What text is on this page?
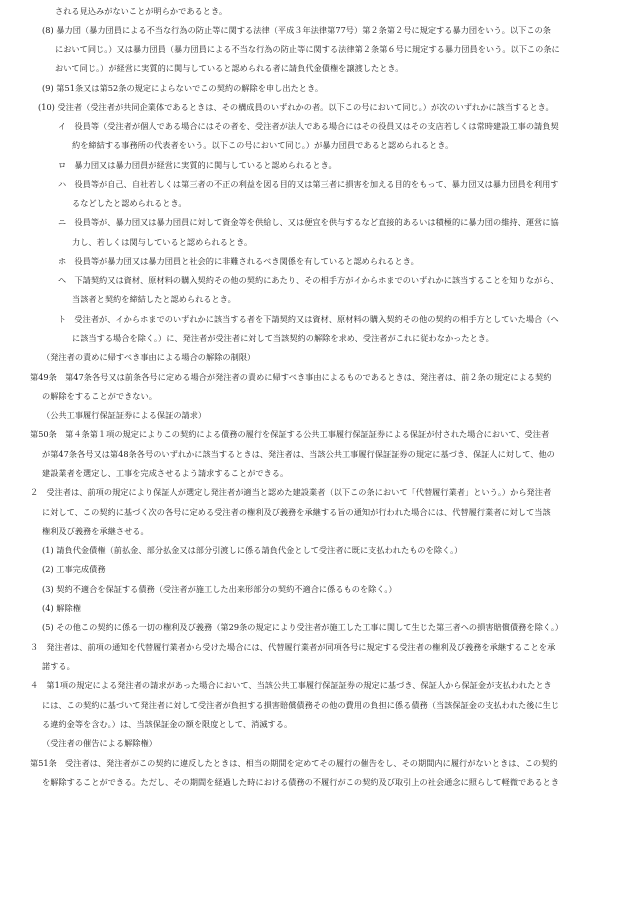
される見込みがないことが明らかであるとき。
(8) 暴力団（暴力団員による不当な行為の防止等に関する法律（平成３年法律第77号）第２条第２号に規定する暴力団をいう。以下この条
において同じ。）又は暴力団員（暴力団員による不当な行為の防止等に関する法律第２条第６号に規定する暴力団員をいう。以下この条に
おいて同じ。）が経営に実質的に関与していると認められる者に請負代金債権を譲渡したとき。
(9) 第51条又は第52条の規定によらないでこの契約の解除を申し出たとき。
(10) 受注者（受注者が共同企業体であるときは、その構成員のいずれかの者。以下この号において同じ。）が次のいずれかに該当するとき。
イ　役員等（受注者が個人である場合にはその者を、受注者が法人である場合にはその役員又はその支店若しくは常時建設工事の請負契
約を締結する事務所の代表者をいう。以下この号において同じ。）が暴力団員であると認められるとき。
ロ　暴力団又は暴力団員が経営に実質的に関与していると認められるとき。
ハ　役員等が自己、自社若しくは第三者の不正の利益を図る目的又は第三者に損害を加える目的をもって、暴力団又は暴力団員を利用す
るなどしたと認められるとき。
ニ　役員等が、暴力団又は暴力団員に対して資金等を供給し、又は便宜を供与するなど直接的あるいは積極的に暴力団の維持、運営に協
力し、若しくは関与していると認められるとき。
ホ　役員等が暴力団又は暴力団員と社会的に非難されるべき関係を有していると認められるとき。
ヘ　下請契約又は資材、原材料の購入契約その他の契約にあたり、その相手方がイからホまでのいずれかに該当することを知りながら、
当該者と契約を締結したと認められるとき。
ト　受注者が、イからホまでのいずれかに該当する者を下請契約又は資材、原材料の購入契約その他の契約の相手方としていた場合（ヘ
に該当する場合を除く。）に、発注者が受注者に対して当該契約の解除を求め、受注者がこれに従わなかったとき。
（発注者の責めに帰すべき事由による場合の解除の制限）
第49条　第47条各号又は前条各号に定める場合が発注者の責めに帰すべき事由によるものであるときは、発注者は、前２条の規定による契約
の解除をすることができない。
（公共工事履行保証証券による保証の請求）
第50条　第４条第１項の規定によりこの契約による債務の履行を保証する公共工事履行保証証券による保証が付された場合において、受注者
が第47条各号又は第48条各号のいずれかに該当するときは、発注者は、当該公共工事履行保証証券の規定に基づき、保証人に対して、他の
建設業者を選定し、工事を完成させるよう請求することができる。
２　受注者は、前項の規定により保証人が選定し発注者が適当と認めた建設業者（以下この条において「代替履行業者」という。）から発注者
に対して、この契約に基づく次の各号に定める受注者の権利及び義務を承継する旨の通知が行われた場合には、代替履行業者に対して当該
権利及び義務を承継させる。
(1) 請負代金債権（前払金、部分払金又は部分引渡しに係る請負代金として受注者に既に支払われたものを除く。）
(2) 工事完成債務
(3) 契約不適合を保証する債務（受注者が施工した出来形部分の契約不適合に係るものを除く。）
(4) 解除権
(5) その他この契約に係る一切の権利及び義務（第29条の規定により受注者が施工した工事に関して生じた第三者への損害賠償債務を除く。）
３　発注者は、前項の通知を代替履行業者から受けた場合には、代替履行業者が同項各号に規定する受注者の権利及び義務を承継することを承
諾する。
４　第1項の規定による発注者の請求があった場合において、当該公共工事履行保証証券の規定に基づき、保証人から保証金が支払われたとき
には、この契約に基づいて発注者に対して受注者が負担する損害賠償債務その他の費用の負担に係る債務（当該保証金の支払われた後に生じ
る違約金等を含む。）は、当該保証金の額を限度として、消滅する。
（受注者の催告による解除権）
第51条　受注者は、発注者がこの契約に違反したときは、相当の期間を定めてその履行の催告をし、その期間内に履行がないときは、この契約
を解除することができる。ただし、その期間を経過した時における債務の不履行がこの契約及び取引上の社会通念に照らして軽微であるとき
